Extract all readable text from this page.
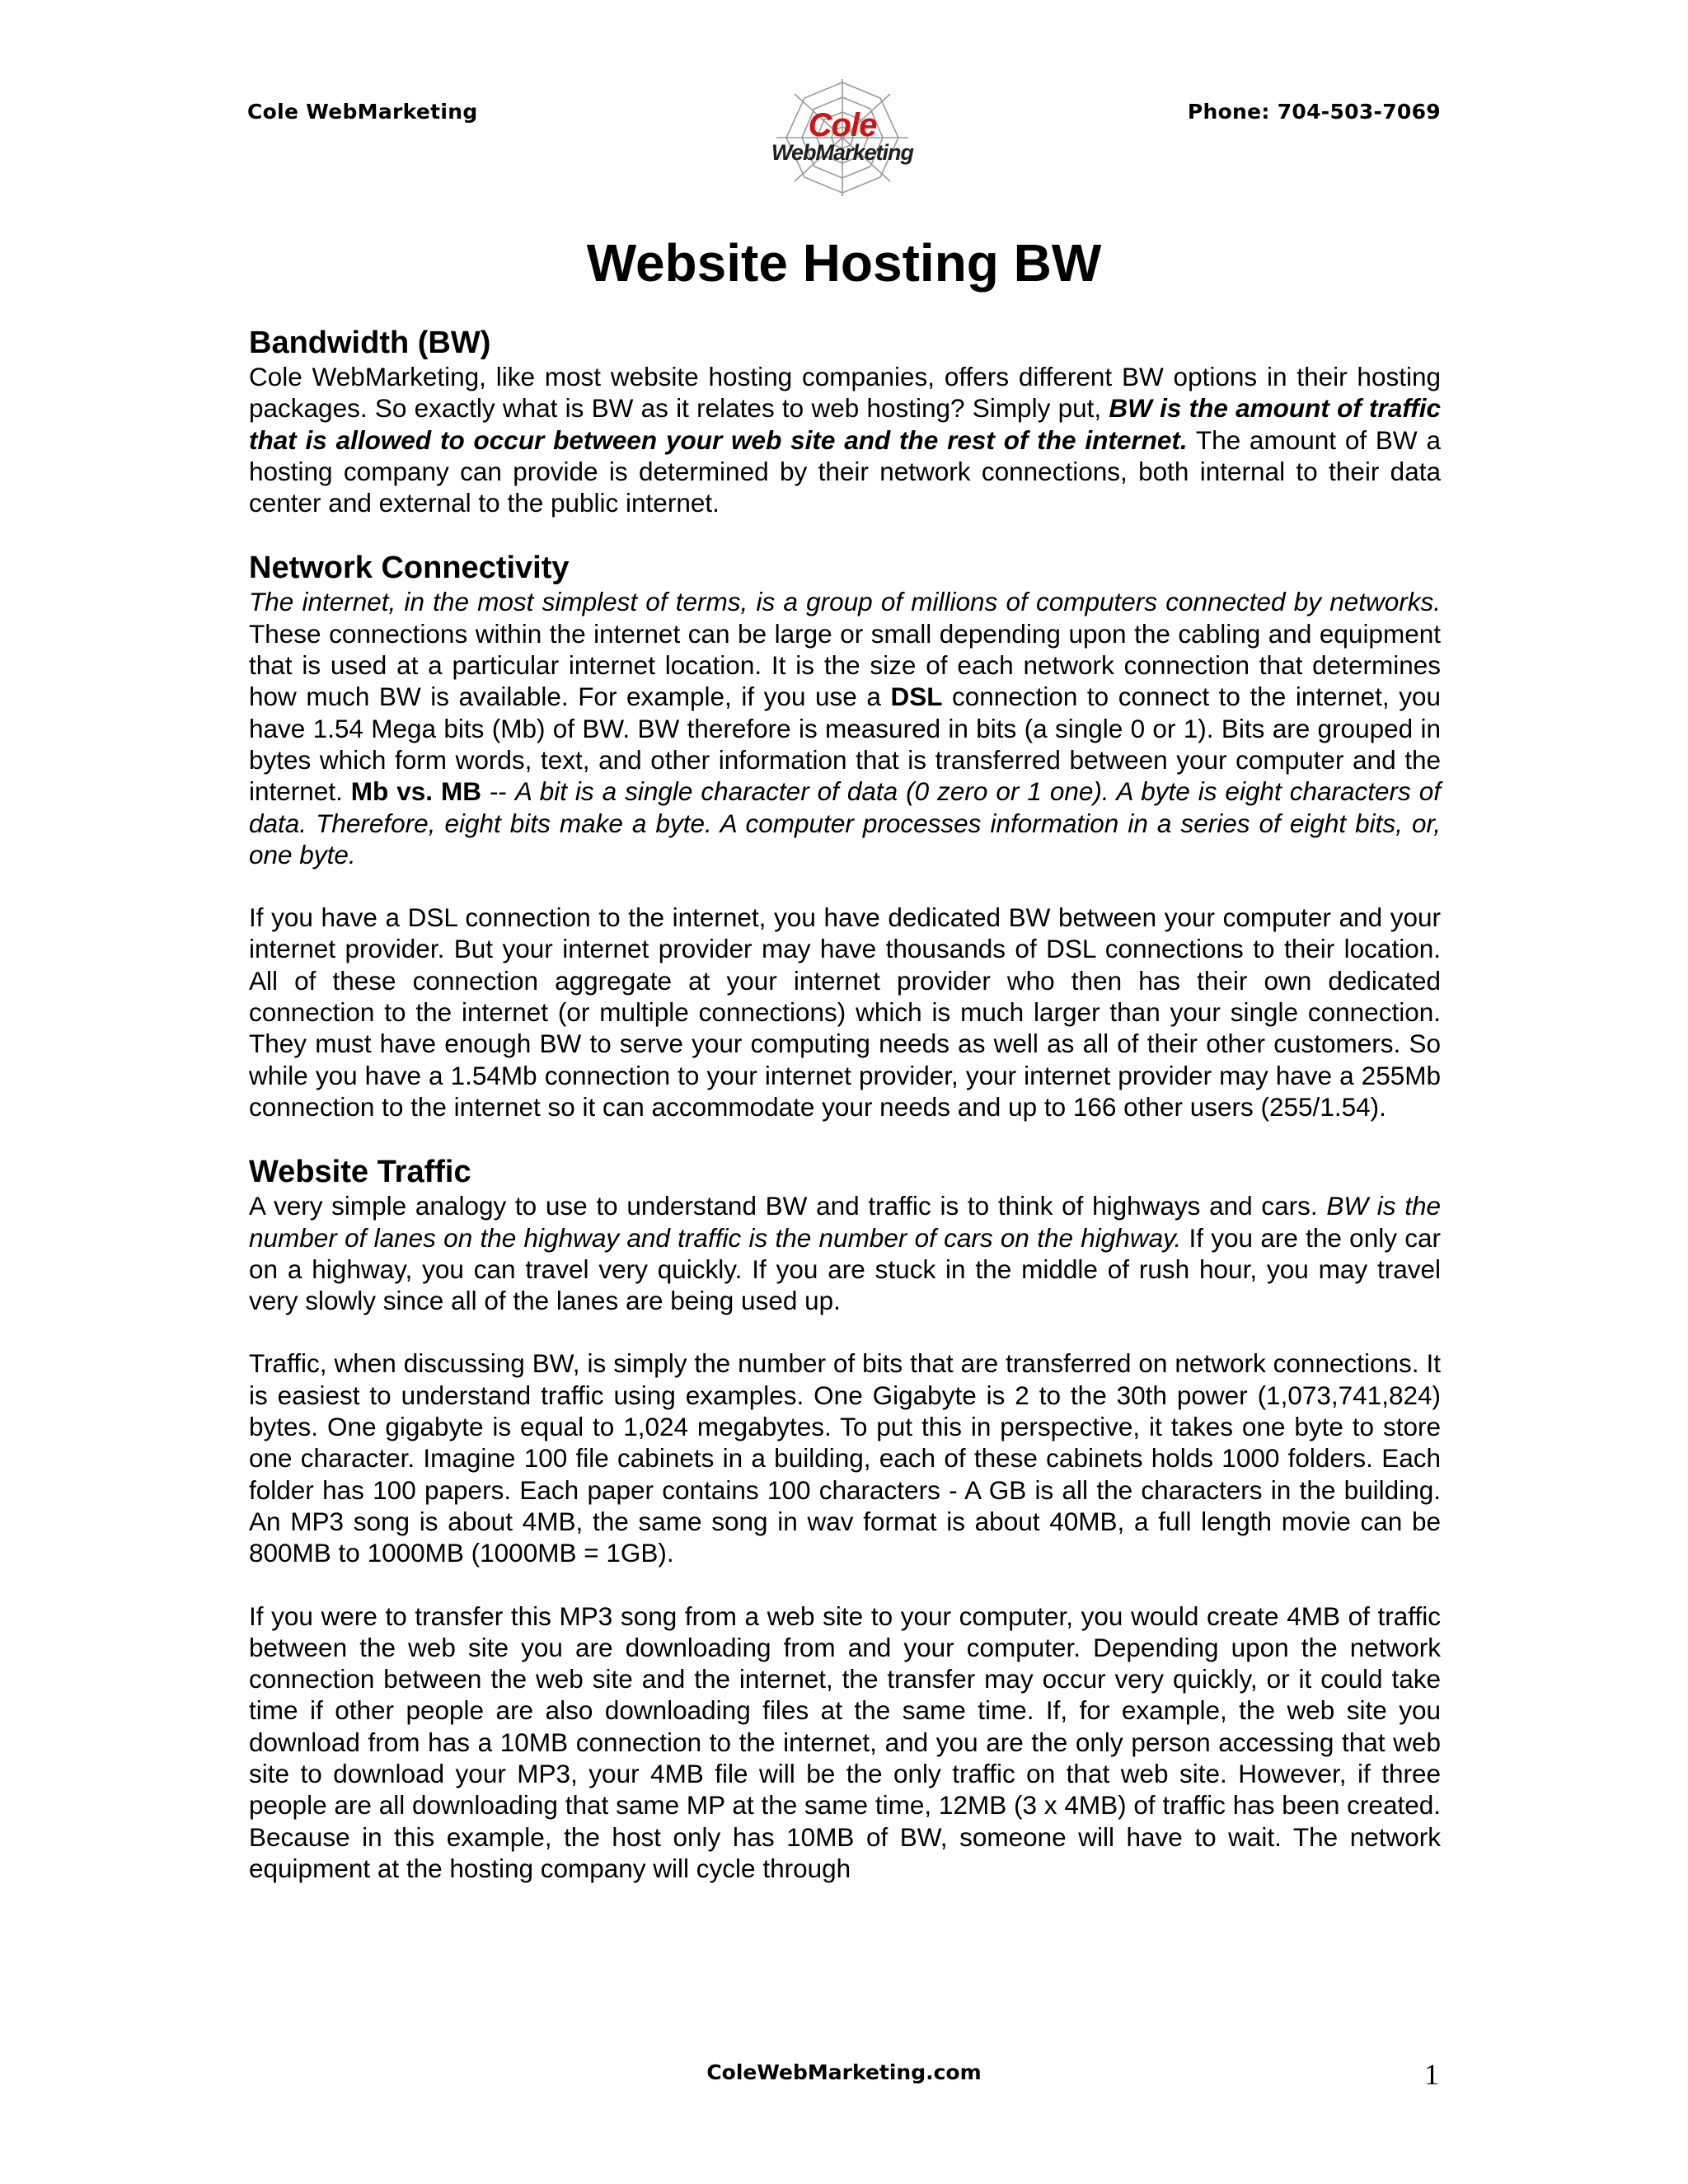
Cole WebMarketing	Cole
WebMarketing
Phone: 704-503-7069
Website Hosting BW
Bandwidth (BW)

Cole WebMarketing, like most website hosting companies, offers different BW options in their hosting packages. So exactly what is BW as it relates to web hosting? Simply put, BW is the amount of traffic that is allowed to occur between your web site and the rest of the internet. The amount of BW a hosting company can provide is determined by their network connections, both internal to their data center and external to the public internet.

Network Connectivity

The internet, in the most simplest of terms, is a group of millions of computers connected by networks. These connections within the internet can be large or small depending upon the cabling and equipment that is used at a particular internet location. It is the size of each network connection that determines how much BW is available. For example, if you use a DSL connection to connect to the internet, you have 1.54 Mega bits (Mb) of BW. BW therefore is measured in bits (a single 0 or 1). Bits are grouped in bytes which form words, text, and other information that is transferred between your computer and the internet. Mb vs. MB -- A bit is a single character of data (0 zero or 1 one). A byte is eight characters of data. Therefore, eight bits make a byte. A computer processes information in a series of eight bits, or, one byte.

If you have a DSL connection to the internet, you have dedicated BW between your computer and your internet provider. But your internet provider may have thousands of DSL connections to their location. All of these connection aggregate at your internet provider who then has their own dedicated connection to the internet (or multiple connections) which is much larger than your single connection. They must have enough BW to serve your computing needs as well as all of their other customers. So while you have a 1.54Mb connection to your internet provider, your internet provider may have a 255Mb connection to the internet so it can accommodate your needs and up to 166 other users (255/1.54).

Website Traffic

A very simple analogy to use to understand BW and traffic is to think of highways and cars. BW is the number of lanes on the highway and traffic is the number of cars on the highway. If you are the only car on a highway, you can travel very quickly. If you are stuck in the middle of rush hour, you may travel very slowly since all of the lanes are being used up.

Traffic, when discussing BW, is simply the number of bits that are transferred on network connections. It is easiest to understand traffic using examples. One Gigabyte is 2 to the 30th power (1,073,741,824) bytes. One gigabyte is equal to 1,024 megabytes. To put this in perspective, it takes one byte to store one character. Imagine 100 file cabinets in a building, each of these cabinets holds 1000 folders. Each folder has 100 papers. Each paper contains 100 characters - A GB is all the characters in the building. An MP3 song is about 4MB, the same song in wav format is about 40MB, a full length movie can be 800MB to 1000MB (1000MB = 1GB).

If you were to transfer this MP3 song from a web site to your computer, you would create 4MB of traffic between the web site you are downloading from and your computer. Depending upon the network connection between the web site and the internet, the transfer may occur very quickly, or it could take time if other people are also downloading files at the same time. If, for example, the web site you download from has a 10MB connection to the internet, and you are the only person accessing that web site to download your MP3, your 4MB file will be the only traffic on that web site. However, if three people are all downloading that same MP at the same time, 12MB (3 x 4MB) of traffic has been created. Because in this example, the host only has 10MB of BW, someone will have to wait. The network equipment at the hosting company will cycle through

ColeWebMarketing.com	1
